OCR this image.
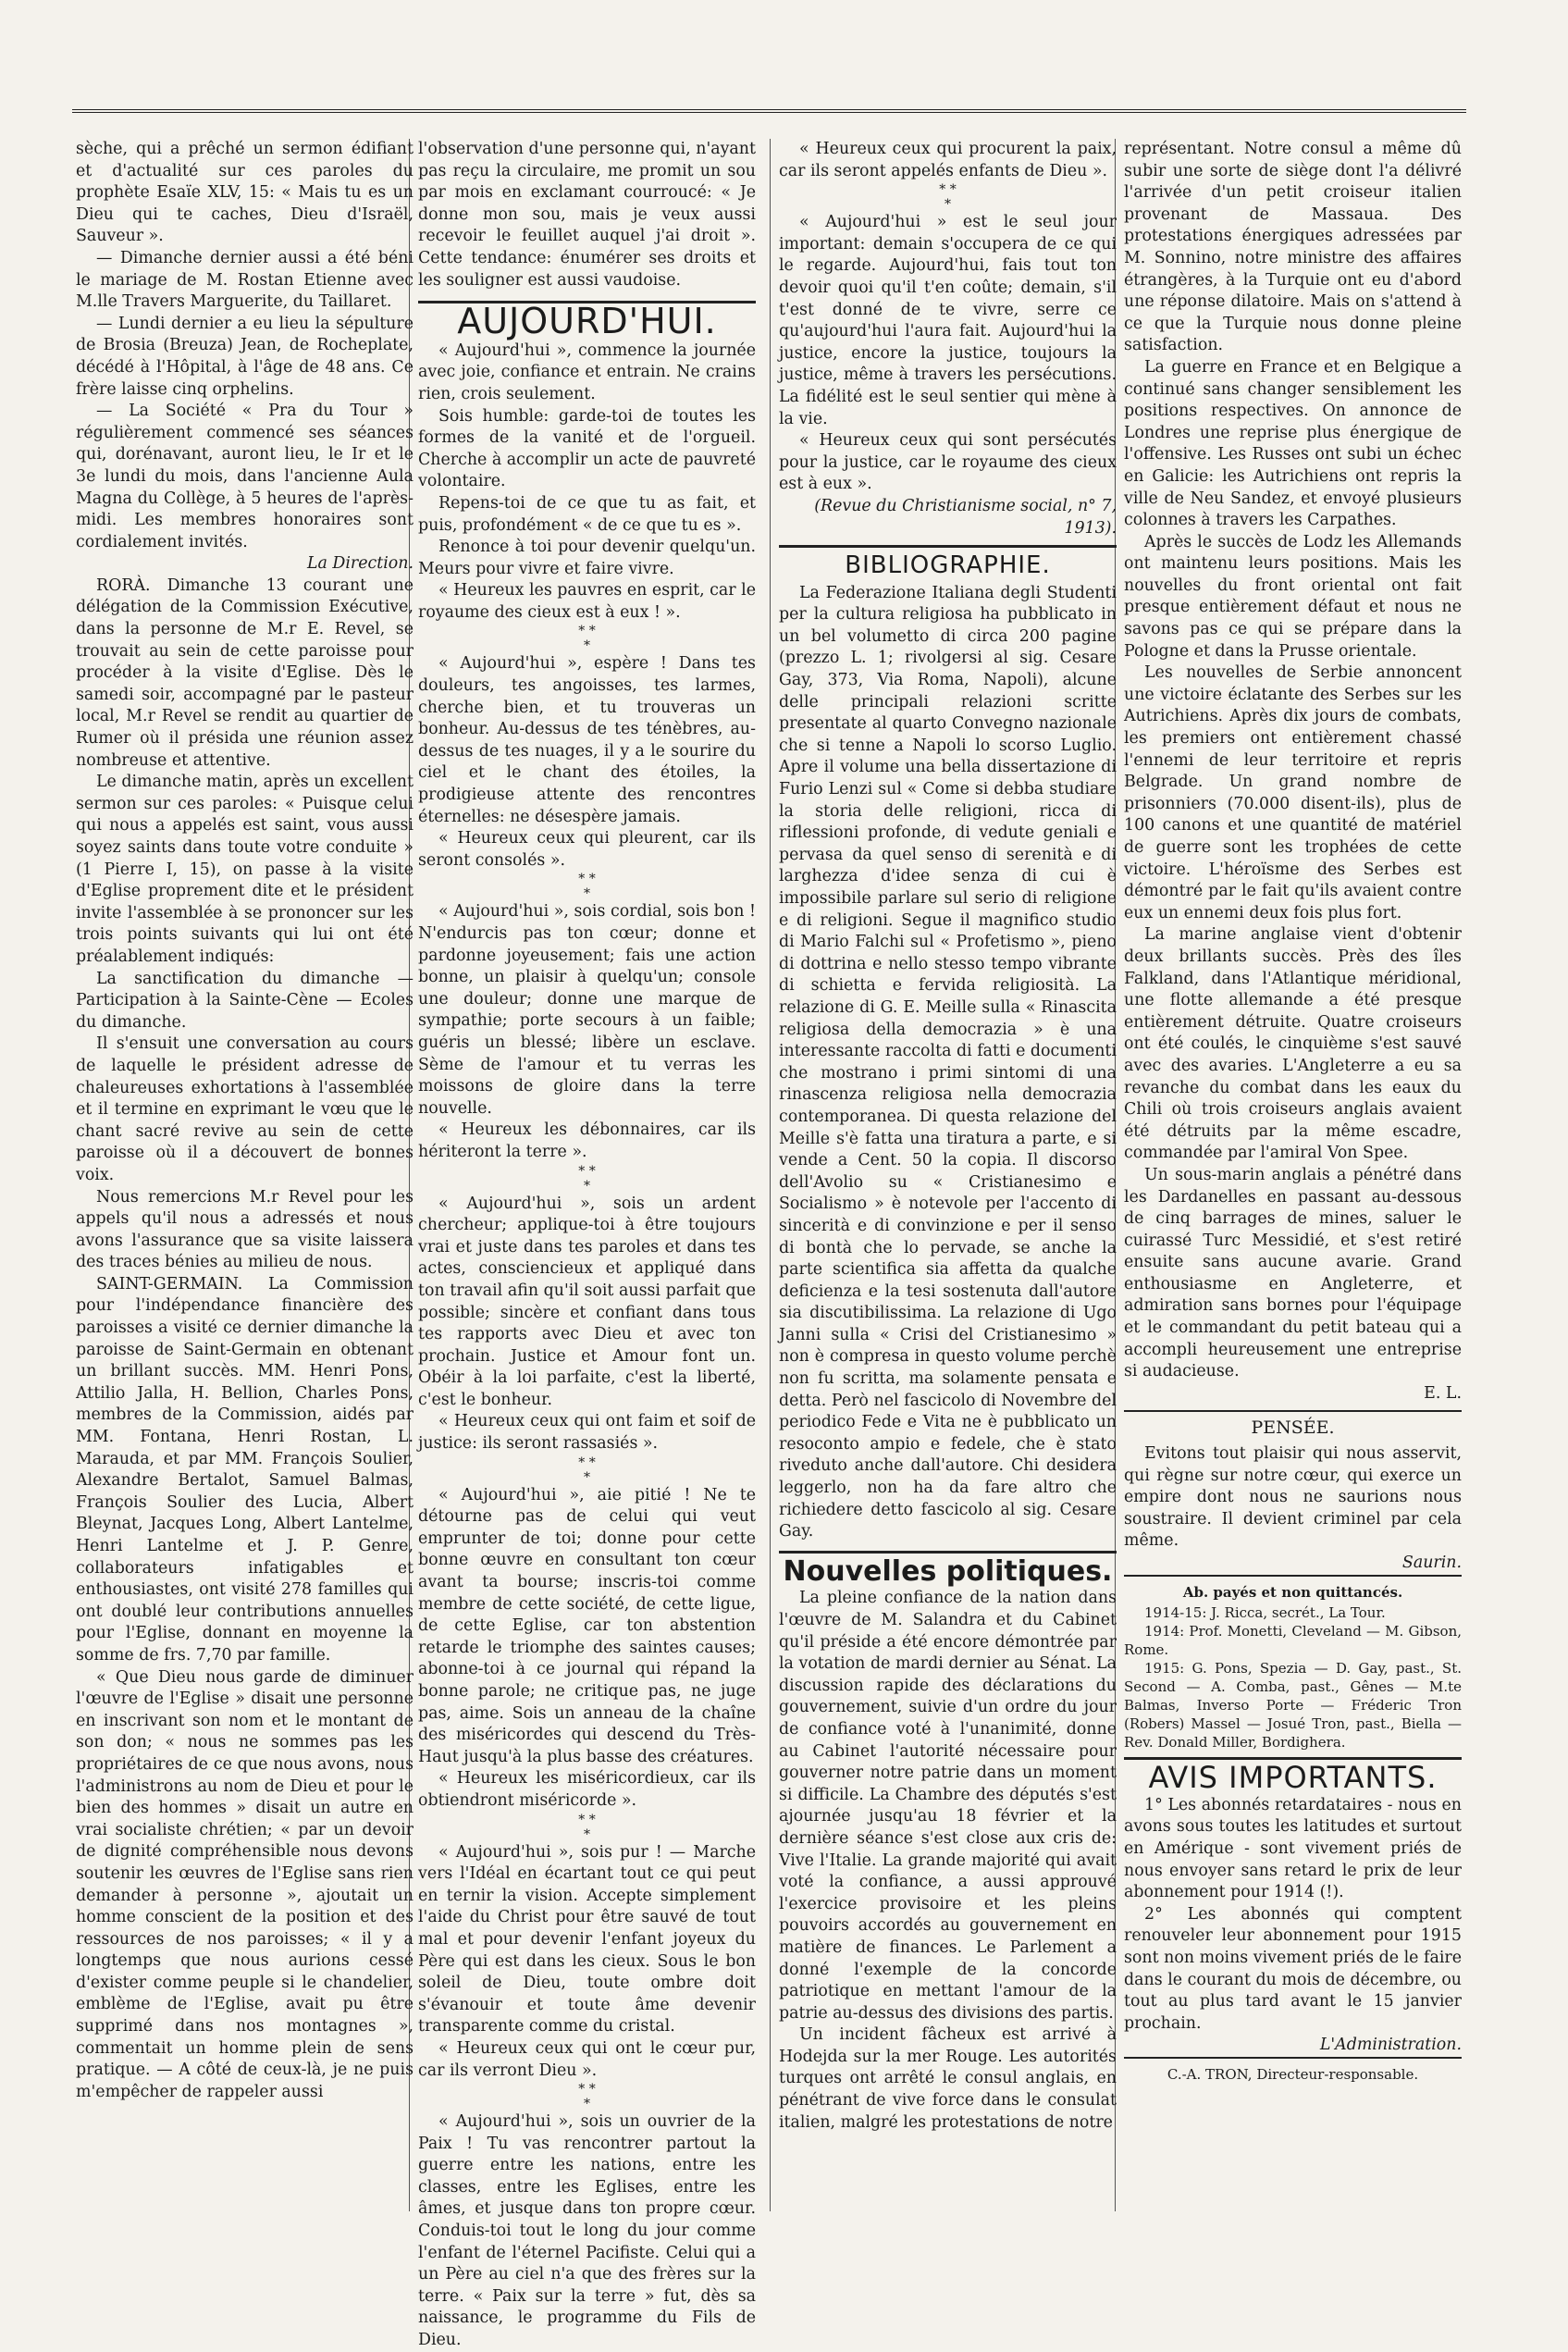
sèche, qui a prêché un sermon édifiant et d'actualité sur ces paroles du prophète Esaïe XLV, 15: « Mais tu es un Dieu qui te caches, Dieu d'Israël, Sauveur ».

— Dimanche dernier aussi a été béni le mariage de M. Rostan Etienne avec M.lle Travers Marguerite, du Taillaret.

— Lundi dernier a eu lieu la sépulture de Brosia (Breuza) Jean, de Rocheplate, décédé à l'Hôpital, à l'âge de 48 ans. Ce frère laisse cinq orphelins.

— La Société « Pra du Tour » régulièrement commencé ses séances qui, dorénavant, auront lieu, le Ir et le 3e lundi du mois, dans l'ancienne Aula Magna du Collège, à 5 heures de l'après-midi. Les membres honoraires sont cordialement invités.

La Direction.

RORÀ. Dimanche 13 courant une délégation de la Commission Exécutive, dans la personne de M.r E. Revel, se trouvait au sein de cette paroisse pour procéder à la visite d'Eglise. Dès le samedi soir, accompagné par le pasteur local, M.r Revel se rendit au quartier de Rumer où il présida une réunion assez nombreuse et attentive.

Le dimanche matin, après un excellent sermon sur ces paroles: « Puisque celui qui nous a appelés est saint, vous aussi soyez saints dans toute votre conduite » (1 Pierre I, 15), on passe à la visite d'Eglise proprement dite et le président invite l'assemblée à se prononcer sur les trois points suivants qui lui ont été préalablement indiqués:

La sanctification du dimanche — Participation à la Sainte-Cène — Ecoles du dimanche.

Il s'ensuit une conversation au cours de laquelle le président adresse de chaleureuses exhortations à l'assemblée et il termine en exprimant le vœu que le chant sacré revive au sein de cette paroisse où il a découvert de bonnes voix.

Nous remercions M.r Revel pour les appels qu'il nous a adressés et nous avons l'assurance que sa visite laissera des traces bénies au milieu de nous.

SAINT-GERMAIN. La Commission pour l'indépendance financière des paroisses a visité ce dernier dimanche la paroisse de Saint-Germain en obtenant un brillant succès. MM. Henri Pons, Attilio Jalla, H. Bellion, Charles Pons, membres de la Commission, aidés par MM. Fontana, Henri Rostan, L. Marauda, et par MM. François Soulier, Alexandre Bertalot, Samuel Balmas, François Soulier des Lucia, Albert Bleynat, Jacques Long, Albert Lantelme, Henri Lantelme et J. P. Genre, collaborateurs infatigables et enthousiastes, ont visité 278 familles qui ont doublé leur contributions annuelles pour l'Eglise, donnant en moyenne la somme de frs. 7,70 par famille.

« Que Dieu nous garde de diminuer l'œuvre de l'Eglise » disait une personne en inscrivant son nom et le montant de son don; « nous ne sommes pas les propriétaires de ce que nous avons, nous l'administrons au nom de Dieu et pour le bien des hommes » disait un autre en vrai socialiste chrétien; « par un devoir de dignité compréhensible nous devons soutenir les œuvres de l'Eglise sans rien demander à personne », ajoutait un homme conscient de la position et des ressources de nos paroisses; « il y a longtemps que nous aurions cessé d'exister comme peuple si le chandelier, emblème de l'Eglise, avait pu être supprimé dans nos montagnes », commentait un homme plein de sens pratique. — A côté de ceux-là, je ne puis m'empêcher de rappeler aussi

l'observation d'une personne qui, n'ayant pas reçu la circulaire, me promit un sou par mois en exclamant courroucé: « Je donne mon sou, mais je veux aussi recevoir le feuillet auquel j'ai droit ». Cette tendance: énumérer ses droits et les souligner est aussi vaudoise.

AUJOURD'HUI.

« Aujourd'hui », commence la journée avec joie, confiance et entrain. Ne crains rien, crois seulement.

Sois humble: garde-toi de toutes les formes de la vanité et de l'orgueil. Cherche à accomplir un acte de pauvreté volontaire.

Repens-toi de ce que tu as fait, et puis, profondément « de ce que tu es ».

Renonce à toi pour devenir quelqu'un. Meurs pour vivre et faire vivre.

« Heureux les pauvres en esprit, car le royaume des cieux est à eux ! ».

* *
*

« Aujourd'hui », espère ! Dans tes douleurs, tes angoisses, tes larmes, cherche bien, et tu trouveras un bonheur. Au-dessus de tes ténèbres, au-dessus de tes nuages, il y a le sourire du ciel et le chant des étoiles, la prodigieuse attente des rencontres éternelles: ne désespère jamais.

« Heureux ceux qui pleurent, car ils seront consolés ».

* *
*

« Aujourd'hui », sois cordial, sois bon ! N'endurcis pas ton cœur; donne et pardonne joyeusement; fais une action bonne, un plaisir à quelqu'un; console une douleur; donne une marque de sympathie; porte secours à un faible; guéris un blessé; libère un esclave. Sème de l'amour et tu verras les moissons de gloire dans la terre nouvelle.

« Heureux les débonnaires, car ils hériteront la terre ».

* *
*

« Aujourd'hui », sois un ardent chercheur; applique-toi à être toujours vrai et juste dans tes paroles et dans tes actes, consciencieux et appliqué dans ton travail afin qu'il soit aussi parfait que possible; sincère et confiant dans tous tes rapports avec Dieu et avec ton prochain. Justice et Amour font un. Obéir à la loi parfaite, c'est la liberté, c'est le bonheur.

« Heureux ceux qui ont faim et soif de justice: ils seront rassasiés ».

* *
*

« Aujourd'hui », aie pitié ! Ne te détourne pas de celui qui veut emprunter de toi; donne pour cette bonne œuvre en consultant ton cœur avant ta bourse; inscris-toi comme membre de cette société, de cette ligue, de cette Eglise, car ton abstention retarde le triomphe des saintes causes; abonne-toi à ce journal qui répand la bonne parole; ne critique pas, ne juge pas, aime. Sois un anneau de la chaîne des miséricordes qui descend du Très-Haut jusqu'à la plus basse des créatures.

« Heureux les miséricordieux, car ils obtiendront miséricorde ».

* *
*

« Aujourd'hui », sois pur ! — Marche vers l'Idéal en écartant tout ce qui peut en ternir la vision. Accepte simplement l'aide du Christ pour être sauvé de tout mal et pour devenir l'enfant joyeux du Père qui est dans les cieux. Sous le bon soleil de Dieu, toute ombre doit s'évanouir et toute âme devenir transparente comme du cristal.

« Heureux ceux qui ont le cœur pur, car ils verront Dieu ».

* *
*

« Aujourd'hui », sois un ouvrier de la Paix ! Tu vas rencontrer partout la guerre entre les nations, entre les classes, entre les Eglises, entre les âmes, et jusque dans ton propre cœur. Conduis-toi tout le long du jour comme l'enfant de l'éternel Pacifiste. Celui qui a un Père au ciel n'a que des frères sur la terre. « Paix sur la terre » fut, dès sa naissance, le programme du Fils de Dieu.

« Heureux ceux qui procurent la paix, car ils seront appelés enfants de Dieu ».

* *
*

« Aujourd'hui » est le seul jour important: demain s'occupera de ce qui le regarde. Aujourd'hui, fais tout ton devoir quoi qu'il t'en coûte; demain, s'il t'est donné de te vivre, serre ce qu'aujourd'hui l'aura fait. Aujourd'hui la justice, encore la justice, toujours la justice, même à travers les persécutions. La fidélité est le seul sentier qui mène à la vie.

« Heureux ceux qui sont persécutés pour la justice, car le royaume des cieux est à eux ».

(Revue du Christianisme social, n° 7, 1913).

BIBLIOGRAPHIE.

La Federazione Italiana degli Studenti per la cultura religiosa ha pubblicato in un bel volumetto di circa 200 pagine (prezzo L. 1; rivolgersi al sig. Cesare Gay, 373, Via Roma, Napoli), alcune delle principali relazioni scritte presentate al quarto Convegno nazionale che si tenne a Napoli lo scorso Luglio. Apre il volume una bella dissertazione di Furio Lenzi sul « Come si debba studiare la storia delle religioni, ricca di riflessioni profonde, di vedute geniali e pervasa da quel senso di serenità e di larghezza d'idee senza di cui è impossibile parlare sul serio di religione e di religioni. Segue il magnifico studio di Mario Falchi sul « Profetismo », pieno di dottrina e nello stesso tempo vibrante di schietta e fervida religiosità. La relazione di G. E. Meille sulla « Rinascita religiosa della democrazia » è una interessante raccolta di fatti e documenti che mostrano i primi sintomi di una rinascenza religiosa nella democrazia contemporanea. Di questa relazione del Meille s'è fatta una tiratura a parte, e si vende a Cent. 50 la copia. Il discorso dell'Avolio su « Cristianesimo e Socialismo » è notevole per l'accento di sincerità e di convinzione e per il senso di bontà che lo pervade, se anche la parte scientifica sia affetta da qualche deficienza e la tesi sostenuta dall'autore sia discutibilissima. La relazione di Ugo Janni sulla « Crisi del Cristianesimo » non è compresa in questo volume perchè non fu scritta, ma solamente pensata e detta. Però nel fascicolo di Novembre del periodico Fede e Vita ne è pubblicato un resoconto ampio e fedele, che è stato riveduto anche dall'autore. Chi desidera leggerlo, non ha da fare altro che richiedere detto fascicolo al sig. Cesare Gay.

Nouvelles politiques.

La pleine confiance de la nation dans l'œuvre de M. Salandra et du Cabinet qu'il préside a été encore démontrée par la votation de mardi dernier au Sénat. La discussion rapide des déclarations du gouvernement, suivie d'un ordre du jour de confiance voté à l'unanimité, donne au Cabinet l'autorité nécessaire pour gouverner notre patrie dans un moment si difficile. La Chambre des députés s'est ajournée jusqu'au 18 février et la dernière séance s'est close aux cris de: Vive l'Italie. La grande majorité qui avait voté la confiance, a aussi approuvé l'exercice provisoire et les pleins pouvoirs accordés au gouvernement en matière de finances. Le Parlement a donné l'exemple de la concorde patriotique en mettant l'amour de la patrie au-dessus des divisions des partis.

Un incident fâcheux est arrivé à Hodejda sur la mer Rouge. Les autorités turques ont arrêté le consul anglais, en pénétrant de vive force dans le consulat italien, malgré les protestations de notre

représentant. Notre consul a même dû subir une sorte de siège dont l'a délivré l'arrivée d'un petit croiseur italien provenant de Massaua. Des protestations énergiques adressées par M. Sonnino, notre ministre des affaires étrangères, à la Turquie ont eu d'abord une réponse dilatoire. Mais on s'attend à ce que la Turquie nous donne pleine satisfaction.

La guerre en France et en Belgique a continué sans changer sensiblement les positions respectives. On annonce de Londres une reprise plus énergique de l'offensive. Les Russes ont subi un échec en Galicie: les Autrichiens ont repris la ville de Neu Sandez, et envoyé plusieurs colonnes à travers les Carpathes.

Après le succès de Lodz les Allemands ont maintenu leurs positions. Mais les nouvelles du front oriental ont fait presque entièrement défaut et nous ne savons pas ce qui se prépare dans la Pologne et dans la Prusse orientale.

Les nouvelles de Serbie annoncent une victoire éclatante des Serbes sur les Autrichiens. Après dix jours de combats, les premiers ont entièrement chassé l'ennemi de leur territoire et repris Belgrade. Un grand nombre de prisonniers (70.000 disent-ils), plus de 100 canons et une quantité de matériel de guerre sont les trophées de cette victoire. L'héroïsme des Serbes est démontré par le fait qu'ils avaient contre eux un ennemi deux fois plus fort.

La marine anglaise vient d'obtenir deux brillants succès. Près des îles Falkland, dans l'Atlantique méridional, une flotte allemande a été presque entièrement détruite. Quatre croiseurs ont été coulés, le cinquième s'est sauvé avec des avaries. L'Angleterre a eu sa revanche du combat dans les eaux du Chili où trois croiseurs anglais avaient été détruits par la même escadre, commandée par l'amiral Von Spee.

Un sous-marin anglais a pénétré dans les Dardanelles en passant au-dessous de cinq barrages de mines, saluer le cuirassé Turc Messidié, et s'est retiré ensuite sans aucune avarie. Grand enthousiasme en Angleterre, et admiration sans bornes pour l'équipage et le commandant du petit bateau qui a accompli heureusement une entreprise si audacieuse.

E. L.

PENSÉE.

Evitons tout plaisir qui nous asservit, qui règne sur notre cœur, qui exerce un empire dont nous ne saurions nous soustraire. Il devient criminel par cela même.

Saurin.

Ab. payés et non quittancés.

1914-15: J. Ricca, secrét., La Tour.

1914: Prof. Monetti, Cleveland — M. Gibson, Rome.

1915: G. Pons, Spezia — D. Gay, past., St. Second — A. Comba, past., Gênes — M.te Balmas, Inverso Porte — Fréderic Tron (Robers) Massel — Josué Tron, past., Biella — Rev. Donald Miller, Bordighera.

AVIS IMPORTANTS.

1° Les abonnés retardataires - nous en avons sous toutes les latitudes et surtout en Amérique - sont vivement priés de nous envoyer sans retard le prix de leur abonnement pour 1914 (!).

2° Les abonnés qui comptent renouveler leur abonnement pour 1915 sont non moins vivement priés de le faire dans le courant du mois de décembre, ou tout au plus tard avant le 15 janvier prochain.

L'Administration.

C.-A. TRON, Directeur-responsable.
